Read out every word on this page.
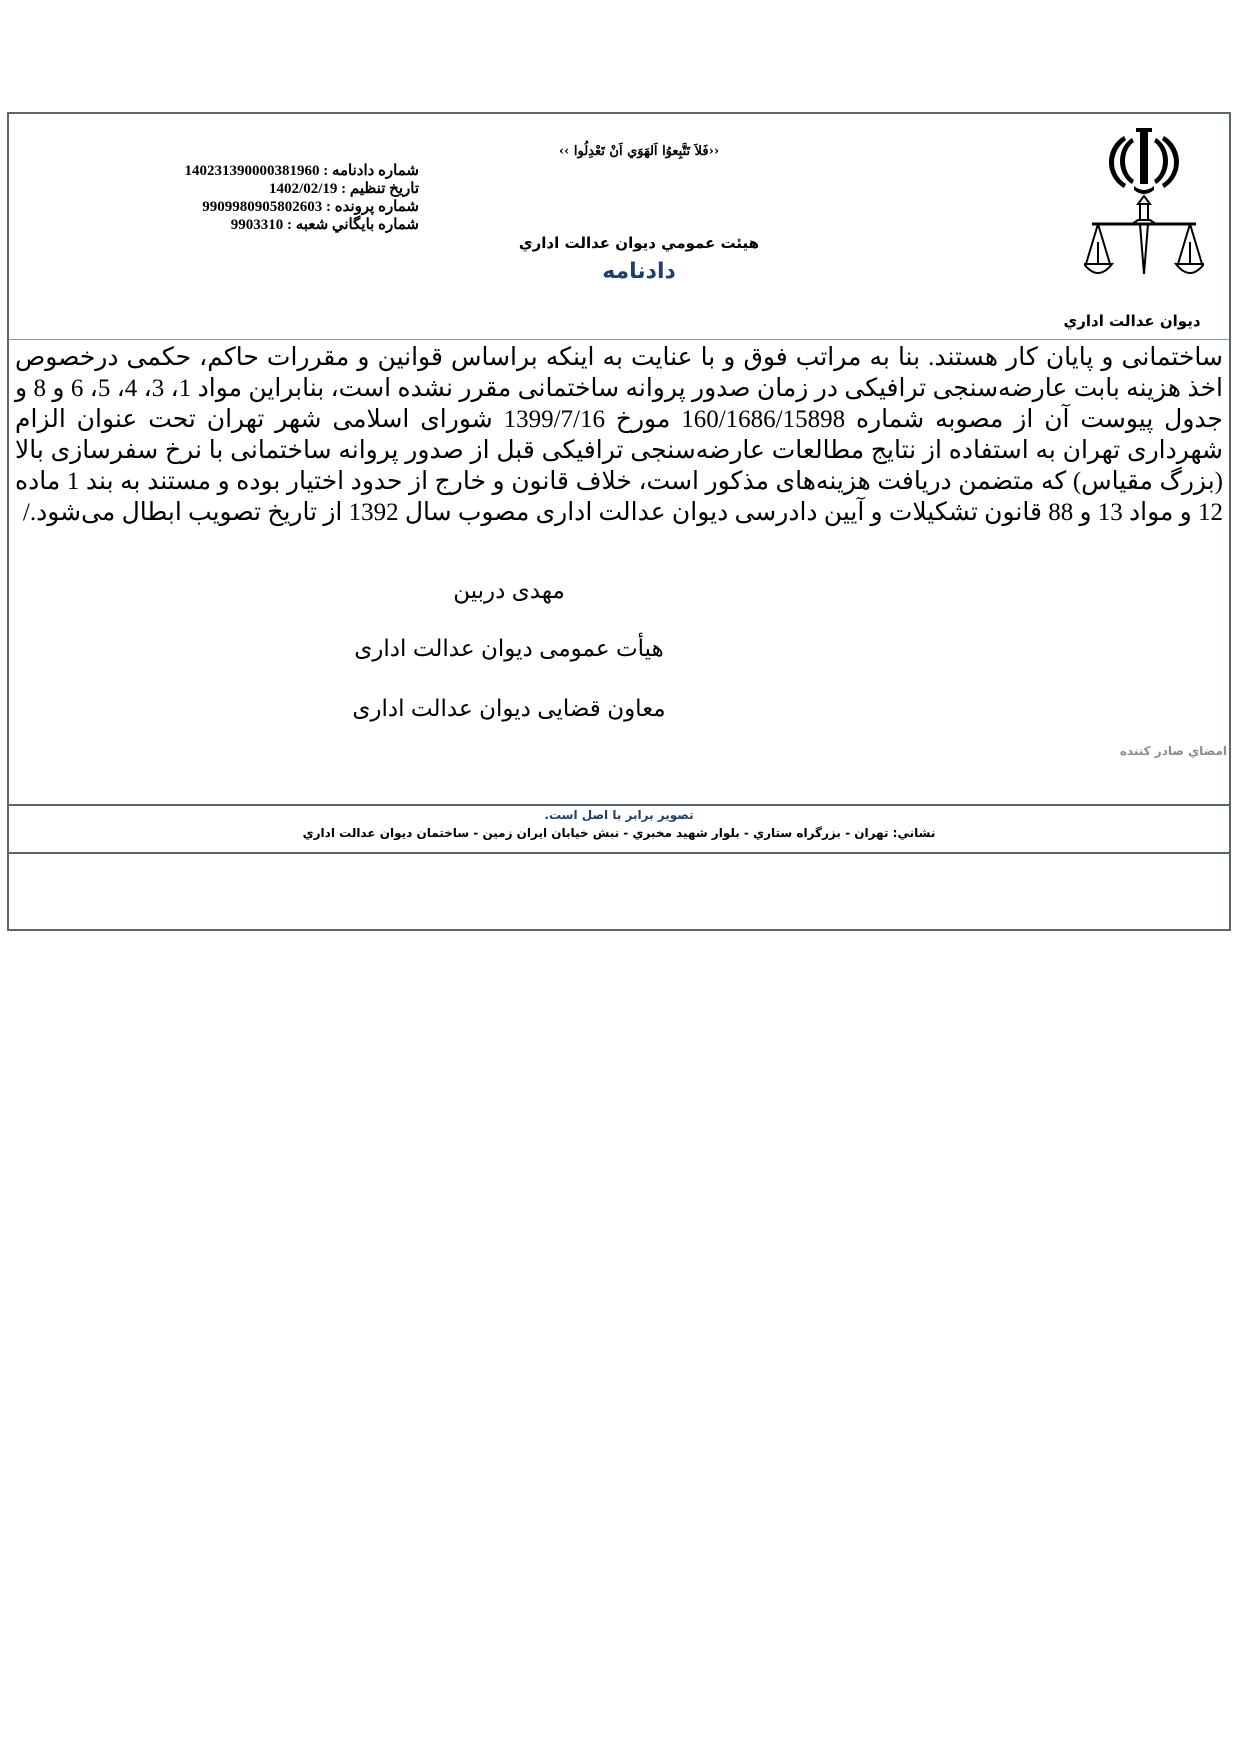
ديوان عدالت اداري
‹‹فَلاَ تَتَّبِعوُا اَلهَوَي اَنْ تَعْدِلُوا ››
هيئت عمومي ديوان عدالت اداري
دادنامه
شماره دادنامه : 140231390000381960
تاريخ تنظيم : 1402/02/19
شماره پرونده : 9909980905802603
شماره بايگاني شعبه : 9903310
ساختمانی و پایان کار هستند. بنا به مراتب فوق و با عنایت به اینکه براساس قوانین و مقررات حاکم، حکمی درخصوص اخذ هزینه بابت عارضه‌سنجی ترافیکی در زمان صدور پروانه ساختمانی مقرر نشده است، بنابراین مواد 1، 3، 4، 5، 6 و 8 و جدول پیوست آن از مصوبه شماره 160/1686/15898 مورخ 1399/7/16 شورای اسلامی شهر تهران تحت عنوان الزام شهرداری تهران به استفاده از نتایج مطالعات عارضه‌سنجی ترافیکی قبل از صدور پروانه ساختمانی با نرخ سفرسازی بالا (بزرگ مقیاس) که متضمن دریافت هزینه‌های مذکور است، خلاف قانون و خارج از حدود اختیار بوده و مستند به بند 1 ماده 12 و مواد 13 و 88 قانون تشکیلات و آیین دادرسی دیوان عدالت اداری مصوب سال 1392 از تاریخ تصویب ابطال می‌شود./
مهدی دربین
هیأت عمومی دیوان عدالت اداری
معاون قضایی دیوان عدالت اداری
امضاي صادر كننده
تصوير برابر با اصل است.
نشاني: تهران - بزرگراه ستاري - بلوار شهيد مخبري - نبش خيابان ايران زمين - ساختمان ديوان عدالت اداري
